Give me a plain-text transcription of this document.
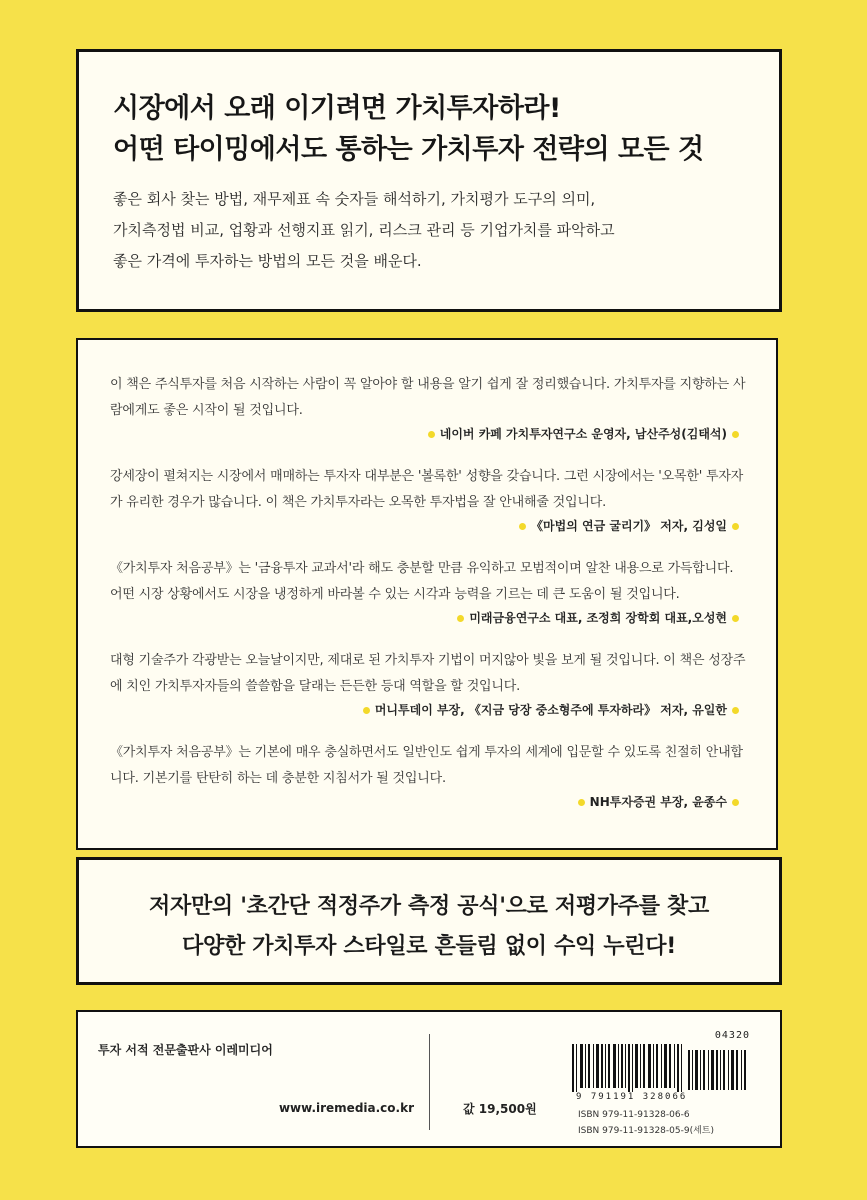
시장에서 오래 이기려면 가치투자하라!
어떤 타이밍에서도 통하는 가치투자 전략의 모든 것
좋은 회사 찾는 방법, 재무제표 속 숫자들 해석하기, 가치평가 도구의 의미,
가치측정법 비교, 업황과 선행지표 읽기, 리스크 관리 등 기업가치를 파악하고
좋은 가격에 투자하는 방법의 모든 것을 배운다.
이 책은 주식투자를 처음 시작하는 사람이 꼭 알아야 할 내용을 알기 쉽게 잘 정리했습니다. 가치투자를 지향하는 사람에게도 좋은 시작이 될 것입니다.
네이버 카페 가치투자연구소 운영자, 남산주성(김태석)
강세장이 펼쳐지는 시장에서 매매하는 투자자 대부분은 '볼록한' 성향을 갖습니다. 그런 시장에서는 '오목한' 투자자가 유리한 경우가 많습니다. 이 책은 가치투자라는 오목한 투자법을 잘 안내해줄 것입니다.
《마법의 연금 굴리기》 저자, 김성일
《가치투자 처음공부》는 '금융투자 교과서'라 해도 충분할 만큼 유익하고 모범적이며 알찬 내용으로 가득합니다. 어떤 시장 상황에서도 시장을 냉정하게 바라볼 수 있는 시각과 능력을 기르는 데 큰 도움이 될 것입니다.
미래금융연구소 대표, 조정희 장학회 대표,오성현
대형 기술주가 각광받는 오늘날이지만, 제대로 된 가치투자 기법이 머지않아 빛을 보게 될 것입니다. 이 책은 성장주에 치인 가치투자자들의 쓸쓸함을 달래는 든든한 등대 역할을 할 것입니다.
머니투데이 부장, 《지금 당장 중소형주에 투자하라》 저자, 유일한
《가치투자 처음공부》는 기본에 매우 충실하면서도 일반인도 쉽게 투자의 세계에 입문할 수 있도록 친절히 안내합니다. 기본기를 탄탄히 하는 데 충분한 지침서가 될 것입니다.
NH투자증권 부장, 윤종수
저자만의 '초간단 적정주가 측정 공식'으로 저평가주를 찾고
다양한 가치투자 스타일로 흔들림 없이 수익 누린다!
투자 서적 전문출판사 이레미디어
www.iremedia.co.kr	값 19,500원
04320
9 791191 328066
ISBN 979-11-91328-06-6
ISBN 979-11-91328-05-9(세트)
